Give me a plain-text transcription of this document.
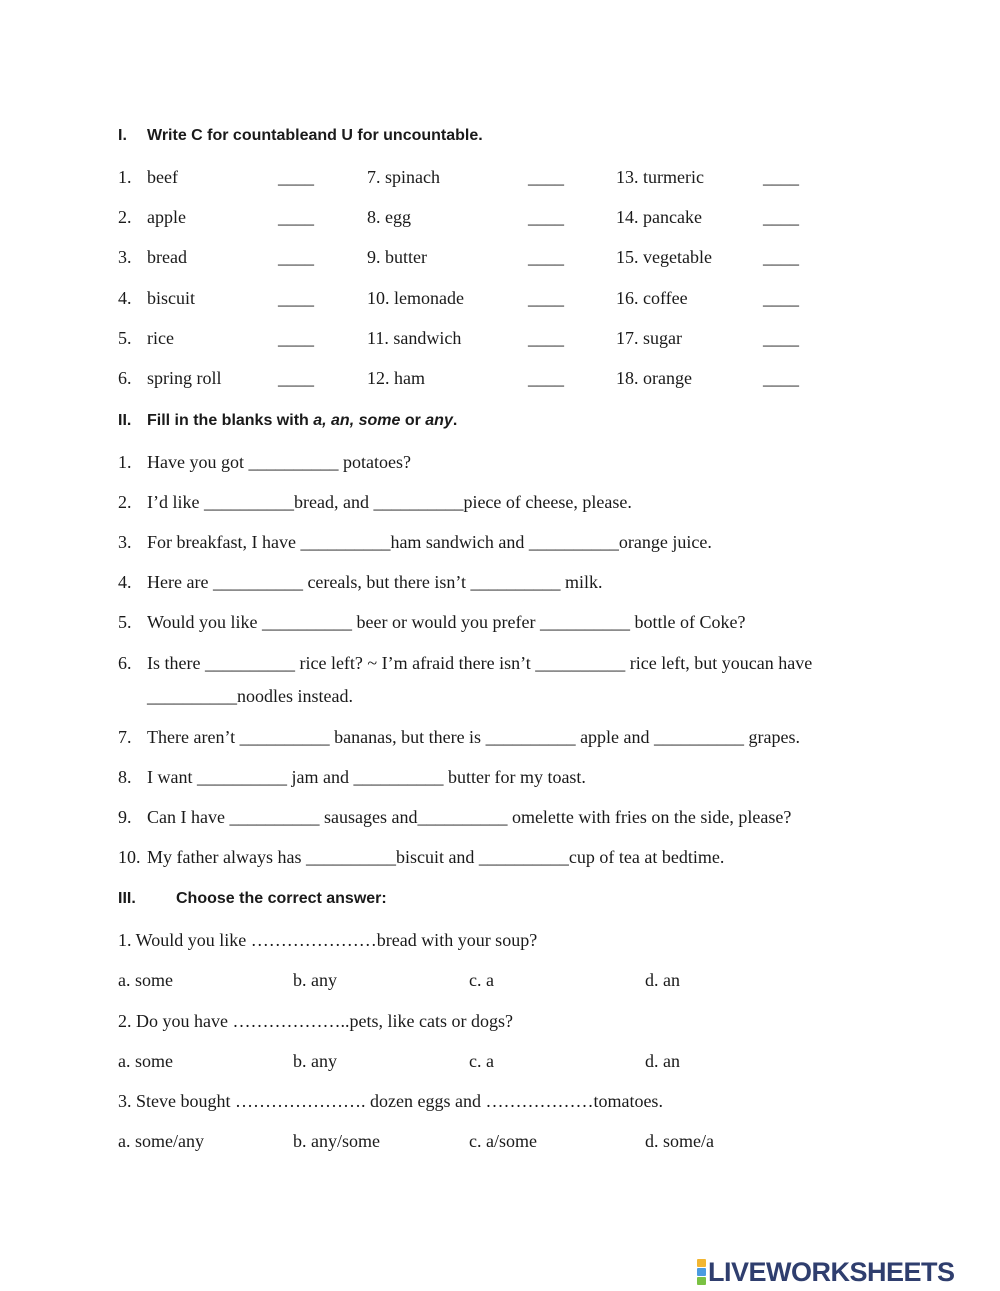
I. Write C for countableand U for uncountable.
1. beef	____	7. spinach	____	13. turmeric	____
2. apple	____	8. egg	____	14. pancake	____
3. bread	____	9. butter	____	15. vegetable	____
4. biscuit	____	10. lemonade	____	16. coffee	____
5. rice	____	11. sandwich	____	17. sugar	____
6. spring roll	____	12. ham	____	18. orange	____
II. Fill in the blanks with a, an, some or any.
1. Have you got __________ potatoes?
2. I’d like __________bread, and __________piece of cheese, please.
3. For breakfast, I have __________ham sandwich and __________orange juice.
4. Here are __________ cereals, but there isn’t __________ milk.
5. Would you like __________ beer or would you prefer __________ bottle of Coke?
6. Is there __________ rice left? ~ I’m afraid there isn’t __________ rice left, but youcan have
__________noodles instead.
7. There aren’t __________ bananas, but there is __________ apple and __________ grapes.
8. I want __________ jam and __________ butter for my toast.
9. Can I have __________ sausages and__________ omelette with fries on the side, please?
10. My father always has __________biscuit and __________cup of tea at bedtime.
III.	Choose the correct answer:
1. Would you like …………………bread with your soup?
a. some	b. any	c. a	d. an
2. Do you have ………………..pets, like cats or dogs?
a. some	b. any	c. a	d. an
3. Steve bought …………………. dozen eggs and ………………tomatoes.
a. some/any	b. any/some	c. a/some	d. some/a
LIVEWORKSHEETS
